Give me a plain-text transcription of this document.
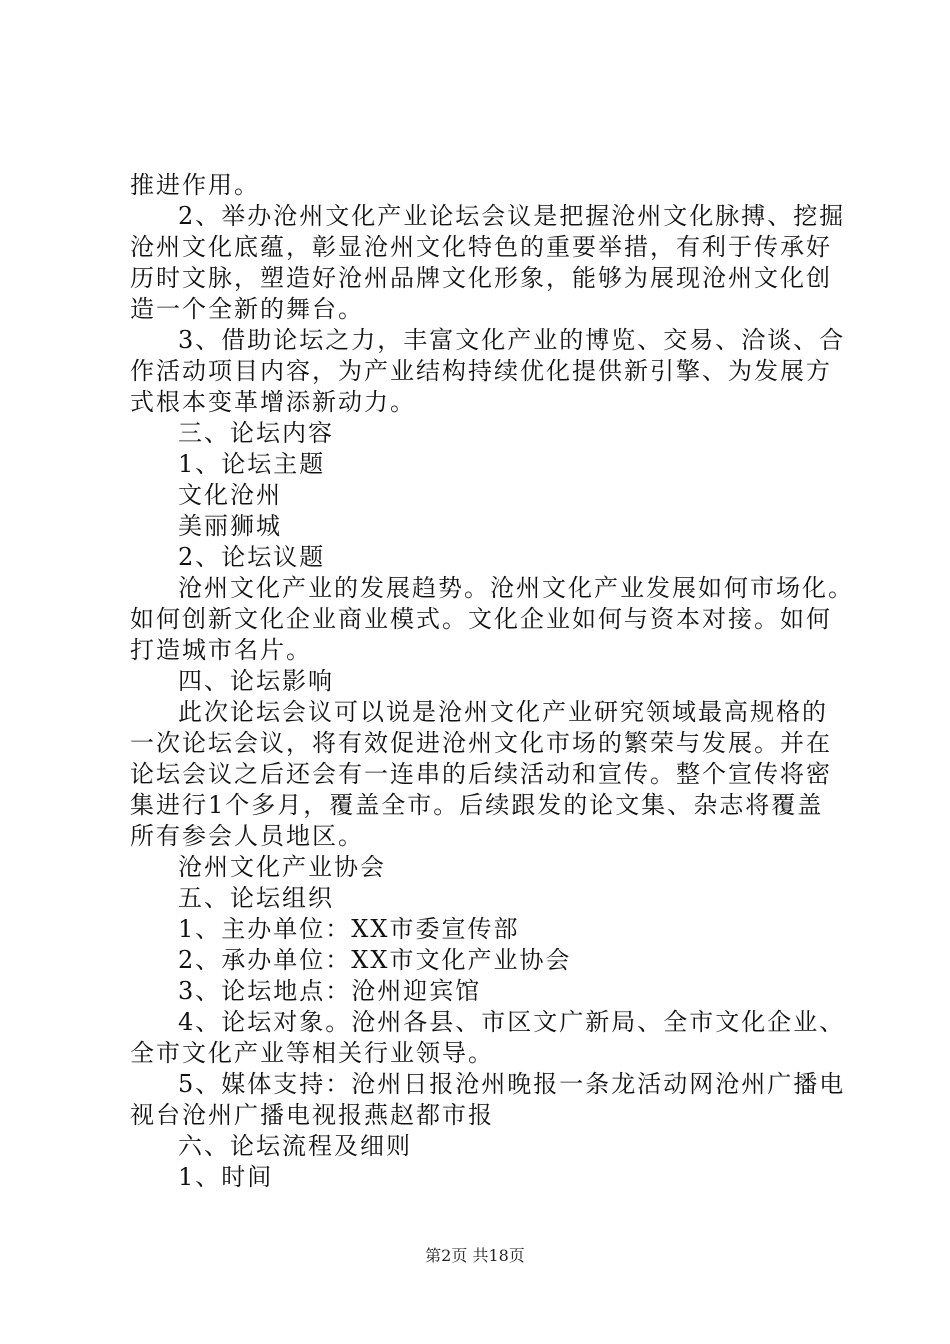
推进作用。
2、举办沧州文化产业论坛会议是把握沧州文化脉搏、挖掘
沧州文化底蕴，彰显沧州文化特色的重要举措，有利于传承好
历时文脉，塑造好沧州品牌文化形象，能够为展现沧州文化创
造一个全新的舞台。
3、借助论坛之力，丰富文化产业的博览、交易、洽谈、合
作活动项目内容，为产业结构持续优化提供新引擎、为发展方
式根本变革增添新动力。
三、论坛内容
1、论坛主题
文化沧州
美丽狮城
2、论坛议题
沧州文化产业的发展趋势。沧州文化产业发展如何市场化。
如何创新文化企业商业模式。文化企业如何与资本对接。如何
打造城市名片。
四、论坛影响
此次论坛会议可以说是沧州文化产业研究领域最高规格的
一次论坛会议，将有效促进沧州文化市场的繁荣与发展。并在
论坛会议之后还会有一连串的后续活动和宣传。整个宣传将密
集进行1个多月，覆盖全市。后续跟发的论文集、杂志将覆盖
所有参会人员地区。
沧州文化产业协会
五、论坛组织
1、主办单位：XX市委宣传部
2、承办单位：XX市文化产业协会
3、论坛地点：沧州迎宾馆
4、论坛对象。沧州各县、市区文广新局、全市文化企业、
全市文化产业等相关行业领导。
5、媒体支持：沧州日报沧州晚报一条龙活动网沧州广播电
视台沧州广播电视报燕赵都市报
六、论坛流程及细则
1、时间
第2页 共18页
